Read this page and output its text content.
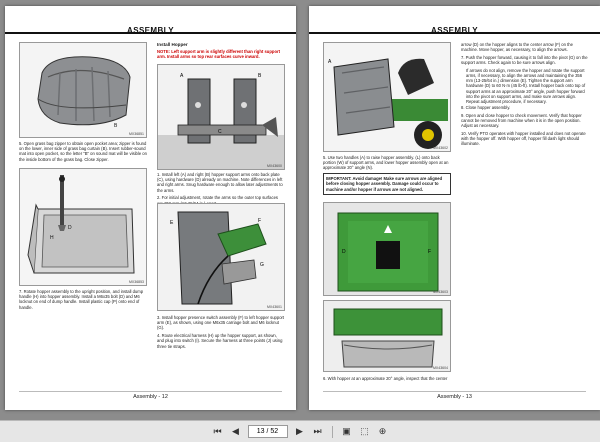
ASSEMBLY
B
MX36851

5. Open grass bag zipper to obtain open pocket area; zipper is found on the lower, inner side of grass bag curtain (B). Insert rubber-sound mat into open pocket, so the letter "B" on sound mat will be visible on the inside bottom of the grass bag. Close zipper.

H
D
MX36853

7. Rotate hopper assembly to the upright position, and install dump handle (H) into hopper assembly. Install a M6x35 bolt (D) and M6 locknut on end of dump handle. Install plastic cap (P) onto end of handle.

Install Hopper
NOTE: Left support arm is slightly different than right support arm. Install arms so top rear surfaces curve inward.
A	B
C
MX43600

1. Install left (A) and right (B) hopper support arms onto back plate (C), using hardware (D) already on machine. Note differences in left and right arms. Snug hardware enough to allow later adjustments to the arms.

2. For initial adjustment, rotate the arms so the outer top surfaces

F
E
G
MX43601

3. Install hopper presence switch assembly (F) to left hopper support arm (E), as shown, using one M6x35 carriage bolt and M6 locknut (G).

4. Route electrical harness (H) up the hopper support, as shown, and plug into switch (I). Secure the harness at three points (J) using three tie straps.

Assembly - 12
ASSEMBLY
A
MX43602

5. Use two handles (A) to raise hopper assembly. (L) onto back portion (W) of support arms, and lower hopper assembly open at an approximate 20° angle (N).

IMPORTANT: Avoid damage! Make sure arrows are aligned before closing hopper assembly. Damage could occur to machine and/or hopper if arrows are not aligned.
D	F
MX43603
MX43604

6. With hopper at an approximate 20° angle, inspect that the center

arrow (D) on the hopper aligns to the center arrow (F) on the machine. Move hopper, as necessary, to align the arrows.

7. Push the hopper forward, causing it to fall into the pivot (G) on the support arms. Check again to be sure arrows align.

If arrows do not align, remove the hopper and rotate the support arms, if necessary, to align the arrows and maintaining the 356 mm (13-25/64 in.) dimension (E). Tighten the support arm hardware (D) to 60 N·m (45 lb-ft). Install hopper back onto top of support arms at an approximate 20° angle, push hopper forward into the pivot on support arms, and make sure arrows align. Repeat adjustment procedure, if necessary.

8. Close hopper assembly.

9. Open and close hopper to check movement. Verify that hopper cannot be removed from machine when it is in the open position. Adjust as necessary.

10. Verify PTO operates with hopper installed and does not operate with the hopper off. With hopper off, hopper fill dash light should illuminate.

Assembly - 13
⏮ ◀
13 / 52	▶ ⏭ ▣ ⬚ ⊕
